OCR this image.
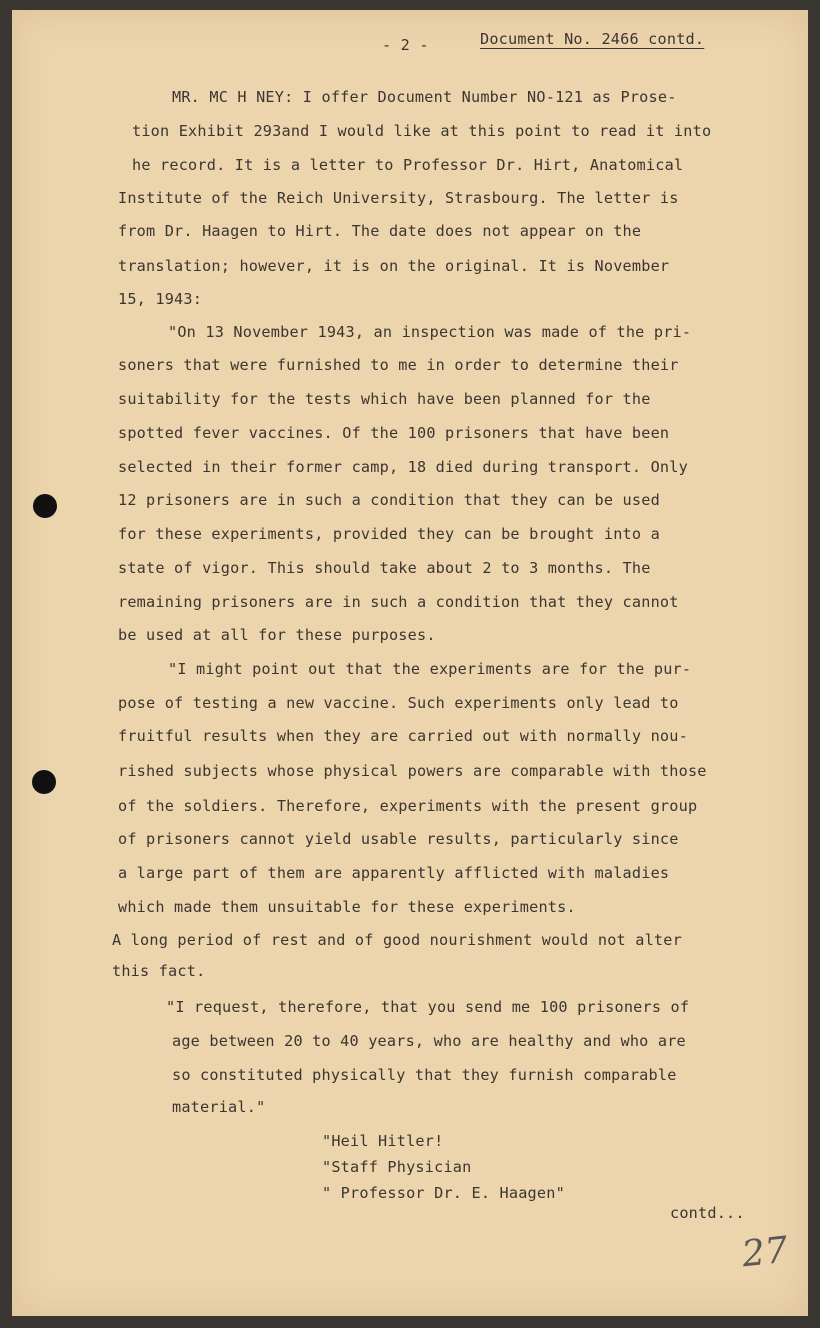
- 2 -	Document No. 2466 contd.
MR. MC H NEY: I offer Document Number NO-121 as Prose-
tion Exhibit 293and I would like at this point to read it into
he record. It is a letter to Professor Dr. Hirt, Anatomical
Institute of the Reich University, Strasbourg. The letter is
from Dr. Haagen to Hirt. The date does not appear on the
translation; however, it is on the original. It is November
15, 1943:
"On 13 November 1943, an inspection was made of the pri-
soners that were furnished to me in order to determine their
suitability for the tests which have been planned for the
spotted fever vaccines. Of the 100 prisoners that have been
selected in their former camp, 18 died during transport. Only
12 prisoners are in such a condition that they can be used
for these experiments, provided they can be brought into a
state of vigor. This should take about 2 to 3 months. The
remaining prisoners are in such a condition that they cannot
be used at all for these purposes.
"I might point out that the experiments are for the pur-
pose of testing a new vaccine. Such experiments only lead to
fruitful results when they are carried out with normally nou-
rished subjects whose physical powers are comparable with those
of the soldiers. Therefore, experiments with the present group
of prisoners cannot yield usable results, particularly since
a large part of them are apparently afflicted with maladies
which made them unsuitable for these experiments.
A long period of rest and of good nourishment would not alter
this fact.
"I request, therefore, that you send me 100 prisoners of
age between 20 to 40 years, who are healthy and who are
so constituted physically that they furnish comparable
material."
"Heil Hitler!
"Staff Physician
" Professor Dr. E. Haagen"
contd...
27
